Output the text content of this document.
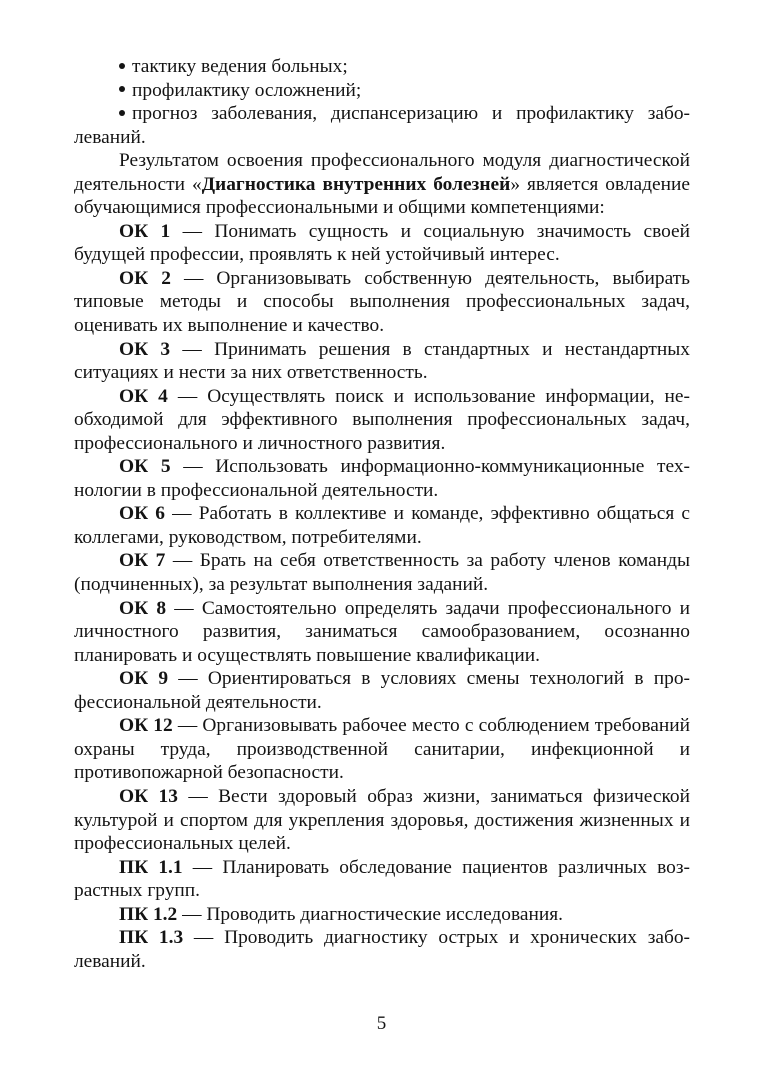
тактику ведения больных;

профилактику осложнений;

прогноз заболевания, диспансеризацию и профилактику заболеваний.

Результатом освоения профессионального модуля диагностической деятельности «Диагностика внутренних болезней» является овладение обучающимися профессиональными и общими компетенциями:

ОК 1 — Понимать сущность и социальную значимость своей будущей профессии, проявлять к ней устойчивый интерес.

ОК 2 — Организовывать собственную деятельность, выбирать типовые методы и способы выполнения профессиональных задач, оценивать их выполнение и качество.

ОК 3 — Принимать решения в стандартных и нестандартных ситуациях и нести за них ответственность.

ОК 4 — Осуществлять поиск и использование информации, необходимой для эффективного выполнения профессиональных задач, профессионального и личностного развития.

ОК 5 — Использовать информационно-коммуникационные технологии в профессиональной деятельности.

ОК 6 — Работать в коллективе и команде, эффективно общаться с коллегами, руководством, потребителями.

ОК 7 — Брать на себя ответственность за работу членов команды (подчиненных), за результат выполнения заданий.

ОК 8 — Самостоятельно определять задачи профессионального и личностного развития, заниматься самообразованием, осознанно планировать и осуществлять повышение квалификации.

ОК 9 — Ориентироваться в условиях смены технологий в профессиональной деятельности.

ОК 12 — Организовывать рабочее место с соблюдением требований охраны труда, производственной санитарии, инфекционной и противопожарной безопасности.

ОК 13 — Вести здоровый образ жизни, заниматься физической культурой и спортом для укрепления здоровья, достижения жизненных и профессиональных целей.

ПК 1.1 — Планировать обследование пациентов различных возрастных групп.

ПК 1.2 — Проводить диагностические исследования.

ПК 1.3 — Проводить диагностику острых и хронических заболеваний.

5
